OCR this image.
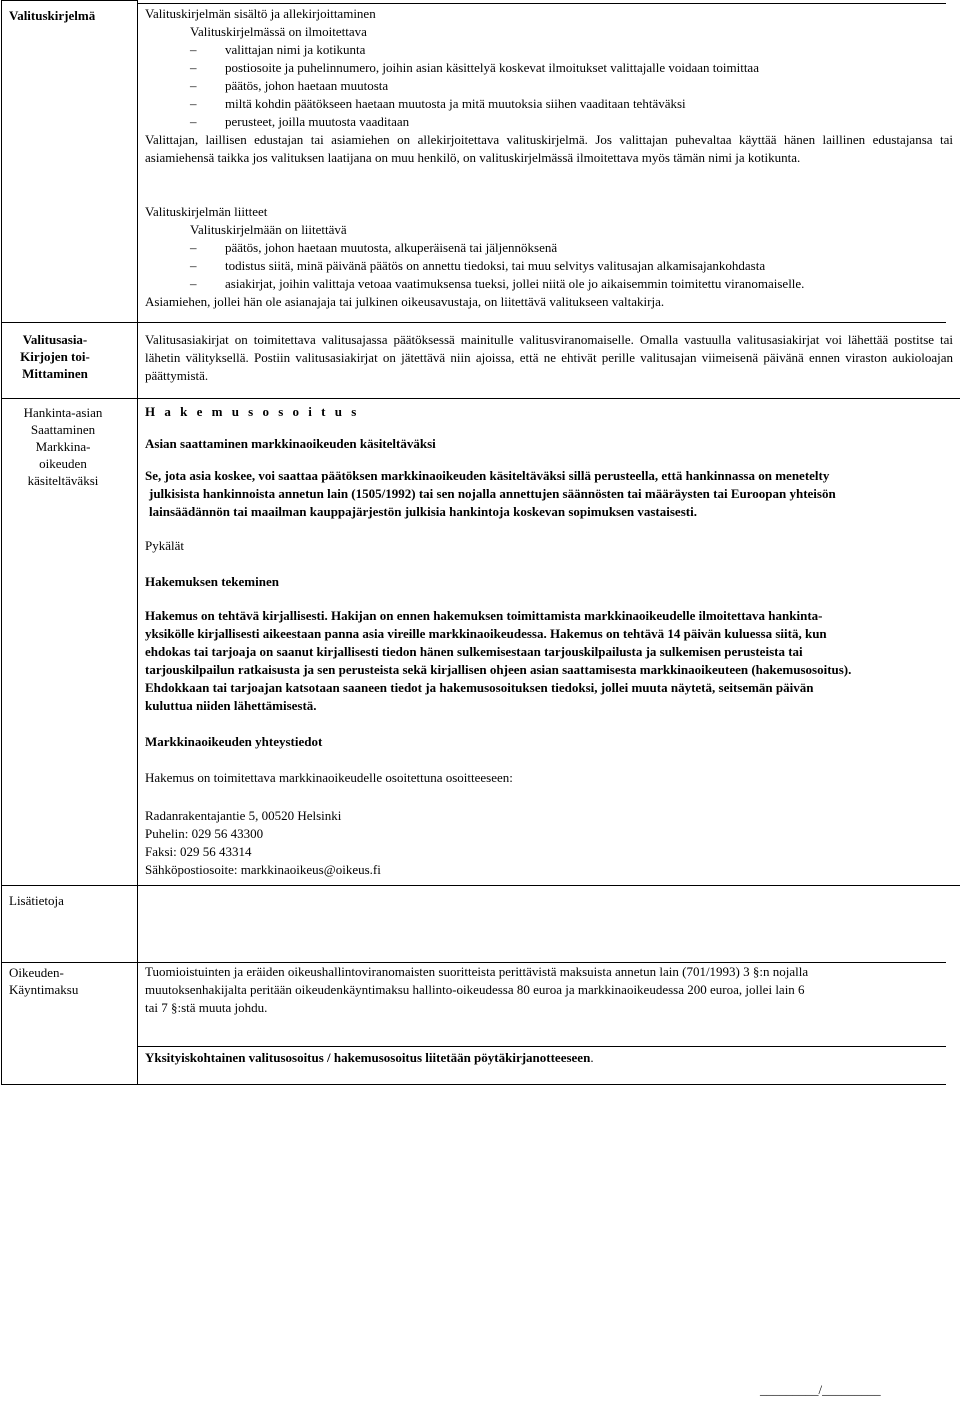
Valituskirjelmä
Valitusasia-
Kirjojen toi-
Mittaminen
Hankinta-asian
Saattaminen
Markkina-
oikeuden
käsiteltäväksi
Lisätietoja
Oikeuden-
Käyntimaksu

Valituskirjelmän sisältö ja allekirjoittaminen

Valituskirjelmässä on ilmoitettava

– valittajan nimi ja kotikunta
– postiosoite ja puhelinnumero, joihin asian käsittelyä koskevat ilmoitukset valittajalle voidaan toimittaa
– päätös, johon haetaan muutosta
– miltä kohdin päätökseen haetaan muutosta ja mitä muutoksia siihen vaaditaan tehtäväksi
– perusteet, joilla muutosta vaaditaan

Valittajan, laillisen edustajan tai asiamiehen on allekirjoitettava valituskirjelmä. Jos valittajan puhevaltaa käyttää hänen laillinen edustajansa tai asiamiehensä taikka jos valituksen laatijana on muu henkilö, on valituskirjelmässä ilmoitettava myös tämän nimi ja kotikunta.

Valituskirjelmän liitteet

Valituskirjelmään on liitettävä

– päätös, johon haetaan muutosta, alkuperäisenä tai jäljennöksenä
– todistus siitä, minä päivänä päätös on annettu tiedoksi, tai muu selvitys valitusajan alkamisajankohdasta
– asiakirjat, joihin valittaja vetoaa vaatimuksensa tueksi, jollei niitä ole jo aikaisemmin toimitettu viranomaiselle.

Asiamiehen, jollei hän ole asianajaja tai julkinen oikeusavustaja, on liitettävä valitukseen valtakirja.

Valitusasiakirjat on toimitettava valitusajassa päätöksessä mainitulle valitusviranomaiselle. Omalla vastuulla valitusasiakirjat voi lähettää postitse tai lähetin välityksellä. Postiin valitusasiakirjat on jätettävä niin ajoissa, että ne ehtivät perille valitusajan viimeisenä päivänä ennen viraston aukioloajan päättymistä.

H a k e m u s o s o i t u s

Asian saattaminen markkinaoikeuden käsiteltäväksi

Se, jota asia koskee, voi saattaa päätöksen markkinaoikeuden käsiteltäväksi sillä perusteella, että hankinnassa on menetelty

julkisista hankinnoista annetun lain (1505/1992) tai sen nojalla annettujen säännösten tai määräysten tai Euroopan yhteisön

lainsäädännön tai maailman kauppajärjestön julkisia hankintoja koskevan sopimuksen vastaisesti.

Pykälät

Hakemuksen tekeminen

Hakemus on tehtävä kirjallisesti. Hakijan on ennen hakemuksen toimittamista markkinaoikeudelle ilmoitettava hankinta-

yksikölle kirjallisesti aikeestaan panna asia vireille markkinaoikeudessa. Hakemus on tehtävä 14 päivän kuluessa siitä, kun

ehdokas tai tarjoaja on saanut kirjallisesti tiedon hänen sulkemisestaan tarjouskilpailusta ja sulkemisen perusteista tai

tarjouskilpailun ratkaisusta ja sen perusteista sekä kirjallisen ohjeen asian saattamisesta markkinaoikeuteen (hakemusosoitus).

Ehdokkaan tai tarjoajan katsotaan saaneen tiedot ja hakemusosoituksen tiedoksi, jollei muuta näytetä, seitsemän päivän

kuluttua niiden lähettämisestä.

Markkinaoikeuden yhteystiedot

Hakemus on toimitettava markkinaoikeudelle osoitettuna osoitteeseen:

Radanrakentajantie 5, 00520 Helsinki

Puhelin: 029 56 43300

Faksi: 029 56 43314

Sähköpostiosoite: markkinaoikeus@oikeus.fi

Tuomioistuinten ja eräiden oikeushallintoviranomaisten suoritteista perittävistä maksuista annetun lain (701/1993) 3 §:n nojalla

muutoksenhakijalta peritään oikeudenkäyntimaksu hallinto-oikeudessa 80 euroa ja markkinaoikeudessa 200 euroa, jollei lain 6

tai 7 §:stä muuta johdu.

Yksityiskohtainen valitusosoitus / hakemusosoitus liitetään pöytäkirjanotteeseen.
_________/_________
